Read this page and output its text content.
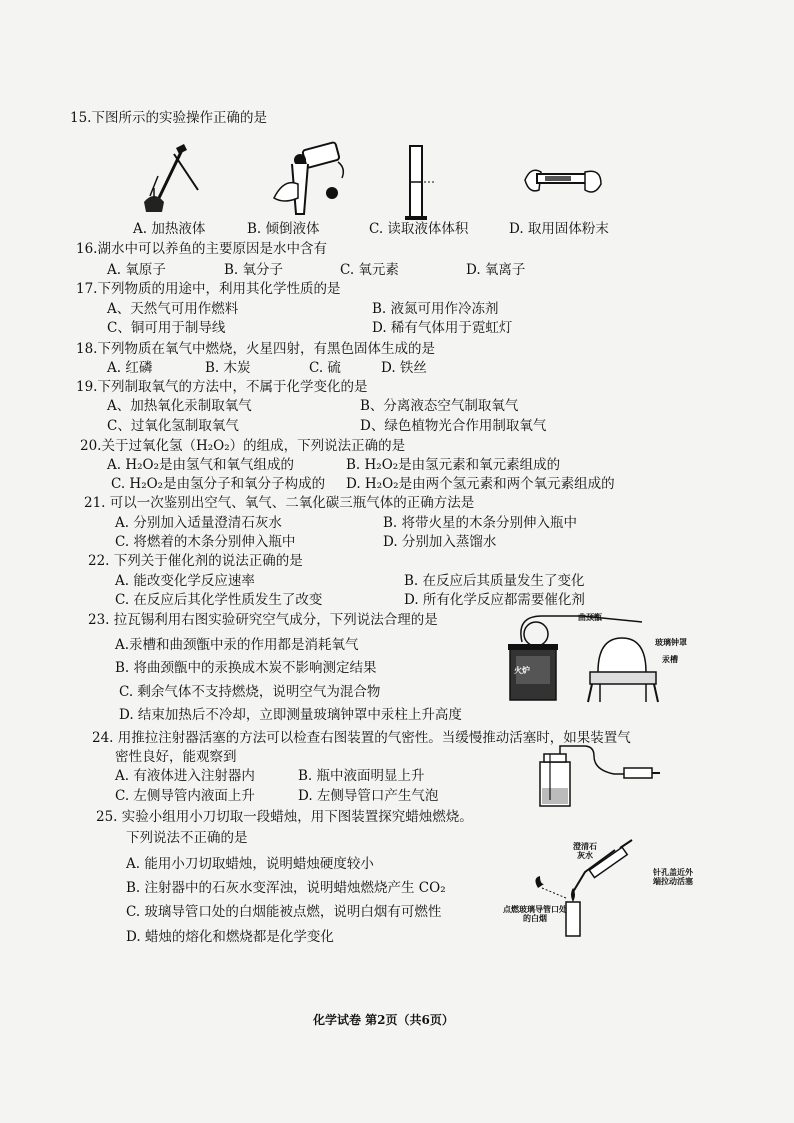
15.下图所示的实验操作正确的是
A. 加热液体	B. 倾倒液体	C. 读取液体体积	D. 取用固体粉末
16.湖水中可以养鱼的主要原因是水中含有
A. 氧原子	B. 氧分子	C. 氧元素	D. 氧离子
17.下列物质的用途中，利用其化学性质的是
A、天然气可用作燃料	B. 液氮可用作冷冻剂
C、铜可用于制导线	D. 稀有气体用于霓虹灯
18.下列物质在氧气中燃烧，火星四射，有黑色固体生成的是
A. 红磷	B. 木炭	C. 硫	D. 铁丝
19.下列制取氧气的方法中，不属于化学变化的是
A、加热氧化汞制取氧气	B、分离液态空气制取氧气
C、过氧化氢制取氧气	D、绿色植物光合作用制取氧气
20.关于过氧化氢（H₂O₂）的组成，下列说法正确的是
A. H₂O₂是由氢气和氧气组成的	B. H₂O₂是由氢元素和氧元素组成的
C. H₂O₂是由氢分子和氧分子构成的 D. H₂O₂是由两个氢元素和两个氧元素组成的
21. 可以一次鉴别出空气、氧气、二氧化碳三瓶气体的正确方法是
A. 分别加入适量澄清石灰水	B. 将带火星的木条分别伸入瓶中
C. 将燃着的木条分别伸入瓶中	D. 分别加入蒸馏水
22. 下列关于催化剂的说法正确的是
A. 能改变化学反应速率	B. 在反应后其质量发生了变化
C. 在反应后其化学性质发生了改变	D. 所有化学反应都需要催化剂
23. 拉瓦锡利用右图实验研究空气成分，下列说法合理的是
A.汞槽和曲颈甑中汞的作用都是消耗氧气
B. 将曲颈甑中的汞换成木炭不影响测定结果
C. 剩余气体不支持燃烧，说明空气为混合物
D. 结束加热后不冷却，立即测量玻璃钟罩中汞柱上升高度
曲颈甑
玻璃钟罩
汞槽
火炉
24. 用推拉注射器活塞的方法可以检查右图装置的气密性。当缓慢推动活塞时，如果装置气
密性良好，能观察到
A. 有液体进入注射器内	B. 瓶中液面明显上升
C. 左侧导管内液面上升	D. 左侧导管口产生气泡
25. 实验小组用小刀切取一段蜡烛，用下图装置探究蜡烛燃烧。
下列说法不正确的是
A. 能用小刀切取蜡烛，说明蜡烛硬度较小
B. 注射器中的石灰水变浑浊，说明蜡烛燃烧产生 CO₂
C. 玻璃导管口处的白烟能被点燃，说明白烟有可燃性
D. 蜡烛的熔化和燃烧都是化学变化
澄清石灰水
针孔盖近外端拉动活塞
点燃玻璃导管口处的白烟
化学试卷 第2页（共6页）
